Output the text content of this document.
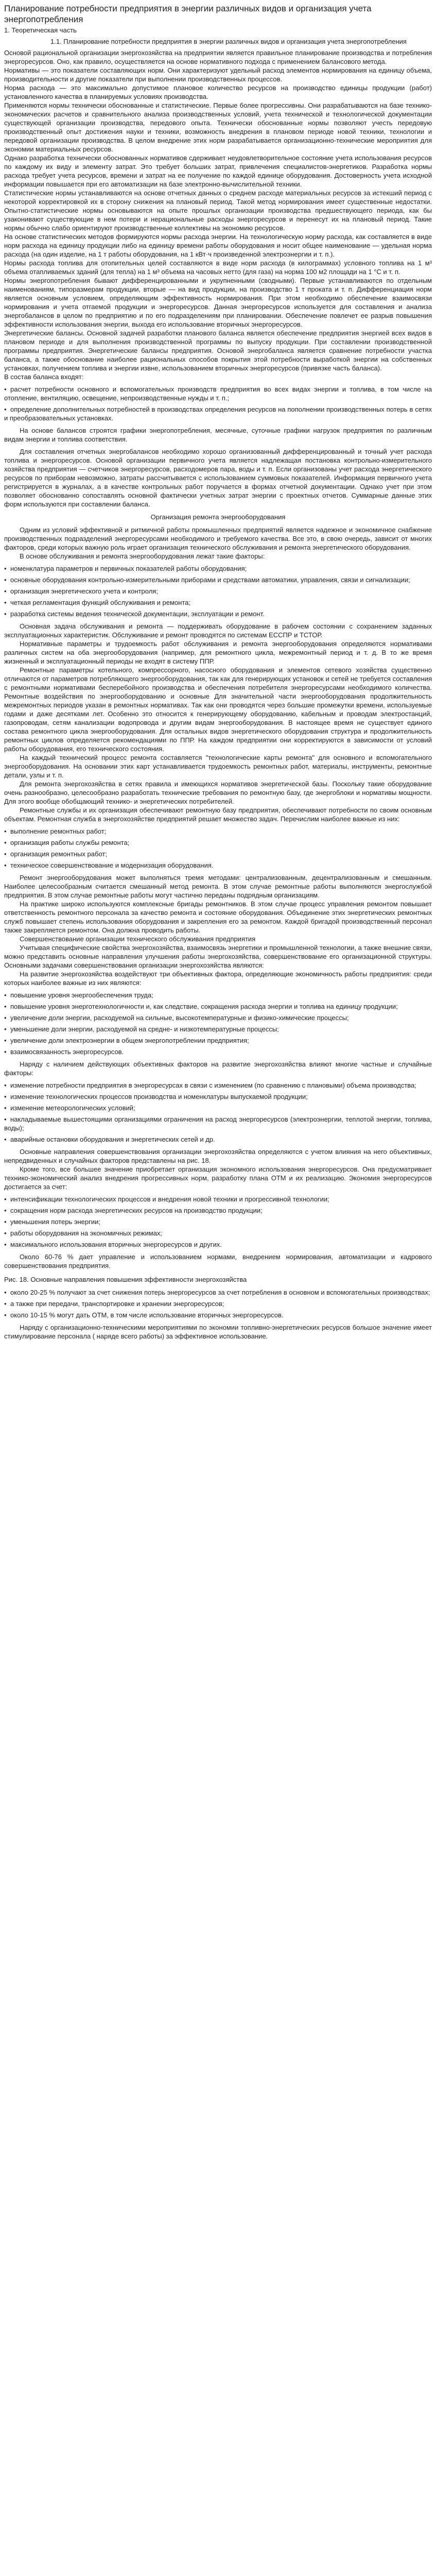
Планирование потребности предприятия в энергии различных видов и организация учета энергопотребления
1. Теоретическая часть
1.1. Планирование потребности предприятия в энергии различных видов и организация учета энергопотребления

Основой рациональной организации энергохозяйства на предприятии является правильное планирование производства и потребления энергоресурсов. Оно, как правило, осуществляется на основе нормативного подхода с применением балансового метода.

Нормативы — это показатели составляющих норм. Они характеризуют удельный расход элементов нормирования на единицу объема, производительности и другие показатели при выполнении производственных процессов.

Норма расхода — это максимально допустимое плановое количество ресурсов на производство единицы продукции (работ) установленного качества в планируемых условиях производства.

Применяются нормы технически обоснованные и статистические. Первые более прогрессивны. Они разрабатываются на базе технико-экономических расчетов и сравнительного анализа производственных условий, учета технической и технологической документации существующей организации производства, передового опыта. Технически обоснованные нормы позволяют учесть передовую производственный опыт достижения науки и техники, возможность внедрения в плановом периоде новой техники, технологии и передовой организации производства. В целом внедрение этих норм разрабатывается организационно-технические мероприятия для экономии материальных ресурсов.

Однако разработка технически обоснованных нормативов сдерживает неудовлетворительное состояние учета использования ресурсов по каждому их виду и элементу затрат. Это требует больших затрат, привлечения специалистов-энергетиков. Разработка нормы расхода требует учета ресурсов, времени и затрат на ее получение по каждой единице оборудования. Достоверность учета исходной информации повышается при его автоматизации на базе электронно-вычислительной техники.

Статистические нормы устанавливаются на основе отчетных данных о среднем расходе материальных ресурсов за истекший период с некоторой корректировкой их в сторону снижения на плановый период. Такой метод нормирования имеет существенные недостатки. Опытно-статистические нормы основываются на опыте прошлых организации производства предшествующего периода, как бы узаконивают существующие в нем потери и нерациональные расходы энергоресурсов и перенесут их на плановый период. Такие нормы обычно слабо ориентируют производственные коллективы на экономию ресурсов.

На основе статистических методов формируются нормы расхода энергии. На технологическую норму расхода, как составляется в виде норм расхода на единицу продукции либо на единицу времени работы оборудования и носит общее наименование — удельная норма расхода (на один изделие, на 1 т работы оборудования, на 1 кВт·ч произведенной электроэнергии и т. п.).

Нормы расхода топлива для отопительных целей составляются в виде норм расхода (в килограммах) условного топлива на 1 м³ объема отапливаемых зданий (для тепла) на 1 м³ объема на часовых нетто (для газа) на норма 100 м2 площади на 1 °С и т. п.

Нормы энергопотребления бывают дифференцированными и укрупненными (сводными). Первые устанавливаются по отдельным наименованиям, типоразмерам продукции, вторые — на вид продукции, на производство 1 т проката и т. п. Дифференциация норм является основным условием, определяющим эффективность нормирования. При этом необходимо обеспечение взаимосвязи нормирования и учета отгаемой продукции и энергоресурсов. Данная энергоресурсов используется для составления и анализа энергобалансов в целом по предприятию и по его подразделениям при планировании. Обеспечение повлечет ее разрыв повышения эффективности использования энергии, выхода его использование вторичных энергоресурсов.

Энергетические балансы. Основной задачей разработки планового баланса является обеспечение предприятия энергией всех видов в плановом периоде и для выполнения производственной программы по выпуску продукции. При составлении производственной программы предприятия. Энергетические балансы предприятия. Основой энергобаланса является сравнение потребности участка баланса, а также обоснование наиболее рациональных способов покрытия этой потребности выработкой энергии на собственных установках, получением топлива и энергии извне, использованием вторичных энергоресурсов (привязке часть баланса).

В состав баланса входят:

• расчет потребности основного и вспомогательных производств предприятия во всех видах энергии и топлива, в том числе на отопление, вентиляцию, освещение, непроизводственные нужды и т. п.;
• определение дополнительных потребностей в производствах определения ресурсов на пополнении производственных потерь в сетях и преобразовательных установках.

На основе балансов строятся графики энергопотребления, месячные, суточные графики нагрузок предприятия по различным видам энергии и топлива соответствия.

Для составления отчетных энергобалансов необходимо хорошо организованный дифференцированный и точный учет расхода топлива и энергоресурсов. Основой организации первичного учета является надлежащая постановка контрольно-измерительного хозяйства предприятия — счетчиков энергоресурсов, расходомеров пара, воды и т. п. Если организованы учет расхода энергетического ресурсов по приборам невозможно, затраты рассчитывается с использованием суммовых показателей. Информация первичного учета регистрируется в журналах, а в качестве контрольных работ поручается в формах отчетной документации. Однако учет при этом позволяет обоснованно сопоставлять основной фактически учетных затрат энергии с проектных отчетов. Суммарные данные этих форм используются при составлении баланса.

Организация ремонта энергооборудования

Одним из условий эффективной и ритмичной работы промышленных предприятий является надежное и экономичное снабжение производственных подразделений энергоресурсами необходимого и требуемого качества. Все это, в свою очередь, зависит от многих факторов, среди которых важную роль играет организация технического обслуживания и ремонта энергетического оборудования.

В основе обслуживания и ремонта энергооборудования лежат такие факторы:

• номенклатура параметров и первичных показателей работы оборудования;
• основные оборудования контрольно-измерительными приборами и средствами автоматики, управления, связи и сигнализации;
• организация энергетического учета и контроля;
• четкая регламентация функций обслуживания и ремонта;
• разработка системы ведения технической документации, эксплуатации и ремонт.

Основная задача обслуживания и ремонта — поддерживать оборудование в рабочем состоянии с сохранением заданных эксплуатационных характеристик. Обслуживание и ремонт проводятся по системам ЕССПР и ТСТОР.

Нормативные параметры и трудоемкость работ обслуживания и ремонта энергооборудования определяются нормативами различных систем на оба энергооборудования (например, для ремонтного цикла, межремонтный период и т. д. В то же время жизненный и эксплуатационный периоды не входят в систему ППР.

Ремонтные параметры котельного, компрессорного, насосного оборудования и элементов сетевого хозяйства существенно отличаются от параметров потребляющего энергооборудования, так как для генерирующих установок и сетей не требуется составления с ремонтными нормативами бесперебойного производства и обеспечения потребителя энергоресурсами необходимого количества. Ремонтные воздействия по энергооборудованию и основные Для значительной части энергооборудования продолжительность межремонтных периодов указан в ремонтных нормативах. Так как они проводятся через большие промежутки времени, используемые годами и даже десятками лет. Особенно это относится к генерирующему оборудованию, кабельным и проводам электростанций, газопроводам, сетям канализации водопровода и другим видам энергооборудования. В настоящее время не существует единого состава ремонтного цикла энергооборудования. Для остальных видов энергетического оборудования структура и продолжительность ремонтных циклов определяется рекомендациями по ППР. На каждом предприятии они корректируются в зависимости от условий работы оборудования, его технического состояния.

На каждый технический процесс ремонта составляется "технологические карты ремонта" для основного и вспомогательного энергооборудования. На основании этих карт устанавливается трудоемкость ремонтных работ, материалы, инструменты, ремонтные детали, узлы и т. п.

Для ремонта энергохозяйства в сетях правила и имеющихся нормативов энергетической базы. Поскольку такие оборудование очень разнообразно, целесообразно разработать технические требования по ремонтную базу, где энергоблоки и нормативы мощности. Для этого вообще обобщающий технико- и энергетических потребителей.

Ремонтные службы и их организация обеспечивают ремонтную базу предприятия, обеспечивают потребности по своим основным объектам. Ремонтная служба в энергохозяйстве предприятий решает множество задач. Перечислим наиболее важные из них:

• выполнение ремонтных работ;
• организация работы службы ремонта;
• организация ремонтных работ;
• техническое совершенствование и модернизация оборудования.

Ремонт энергооборудования может выполняться тремя методами: централизованным, децентрализованным и смешанным. Наиболее целесообразным считается смешанный метод ремонта. В этом случае ремонтные работы выполняются энергослужбой предприятия. В этом случае ремонтные работы могут частично переданы подрядным организациям.

На практике широко используются комплексные бригады ремонтников. В этом случае процесс управления ремонтом повышает ответственность ремонтного персонала за качество ремонта и состояние оборудования. Объединение этих энергетических ремонтных служб повышает степень использования оборудования и закрепления его за ремонтом. Каждой бригадой производственный персонал также закрепляется ремонтом. Она должна проводить работы.

Совершенствование организации технического обслуживания предприятия

Учитывая специфические свойства энергохозяйства, взаимосвязь энергетики и промышленной технологии, а также внешние связи, можно представить основные направления улучшения работы энергохозяйства, совершенствование его организационной структуры. Основными задачами совершенствования организации энергохозяйства являются:

На развитие энергохозяйства воздействуют три объективных фактора, определяющие экономичность работы предприятия: среди которых наиболее важные из них являются:

• повышение уровня энергообеспечения труда;
• повышение уровня энерготехнологичности и, как следствие, сокращения расхода энергии и топлива на единицу продукции;
• увеличение доли энергии, расходуемой на сильные, высокотемпературные и физико-химические процессы;
• уменьшение доли энергии, расходуемой на средне- и низкотемпературные процессы;
• увеличение доли электроэнергии в общем энергопотреблении предприятия;
• взаимосвязанность энергоресурсов.

Наряду с наличием действующих объективных факторов на развитие энергохозяйства влияют многие частные и случайные факторы:

• изменение потребности предприятия в энергоресурсах в связи с изменением (по сравнению с плановыми) объема производства;
• изменение технологических процессов производства и номенклатуры выпускаемой продукции;
• изменение метеорологических условий;
• накладываемые вышестоящими организациями ограничения на расход энергоресурсов (электроэнергии, теплотой энергии, топлива, воды);
• аварийные остановки оборудования и энергетических сетей и др.

Основные направления совершенствования организации энергохозяйства определяются с учетом влияния на него объективных, непредвиденных и случайных факторов представлены на рис. 18.

Кроме того, все большее значение приобретает организация экономного использования энергоресурсов. Она предусматривает технико-экономический анализ внедрения прогрессивных норм, разработку плана ОТМ и их реализацию. Экономия энергоресурсов достигается за счет:

• интенсификации технологических процессов и внедрения новой техники и прогрессивной технологии;
• сокращения норм расхода энергетических ресурсов на производство продукции;
• уменьшения потерь энергии;
• работы оборудования на экономичных режимах;
• максимального использования вторичных энергоресурсов и других.

Около 60-76 % дает управление и использованием нормами, внедрением нормирования, автоматизации и кадрового совершенствования предприятия.

Рис. 18. Основные направления повышения эффективности энергохозяйства
• около 20-25 % получают за счет снижения потерь энергоресурсов за счет потребления в основном и вспомогательных производствах;
• а также при передачи, транспортировке и хранении энергоресурсов;
• около 10-15 % могут дать ОТМ, в том числе использование вторичных энергоресурсов.

Наряду с организационно-техническими мероприятиями по экономии топливно-энергетических ресурсов большое значение имеет стимулирование персонала ( наряде всего работы) за эффективное использование.
